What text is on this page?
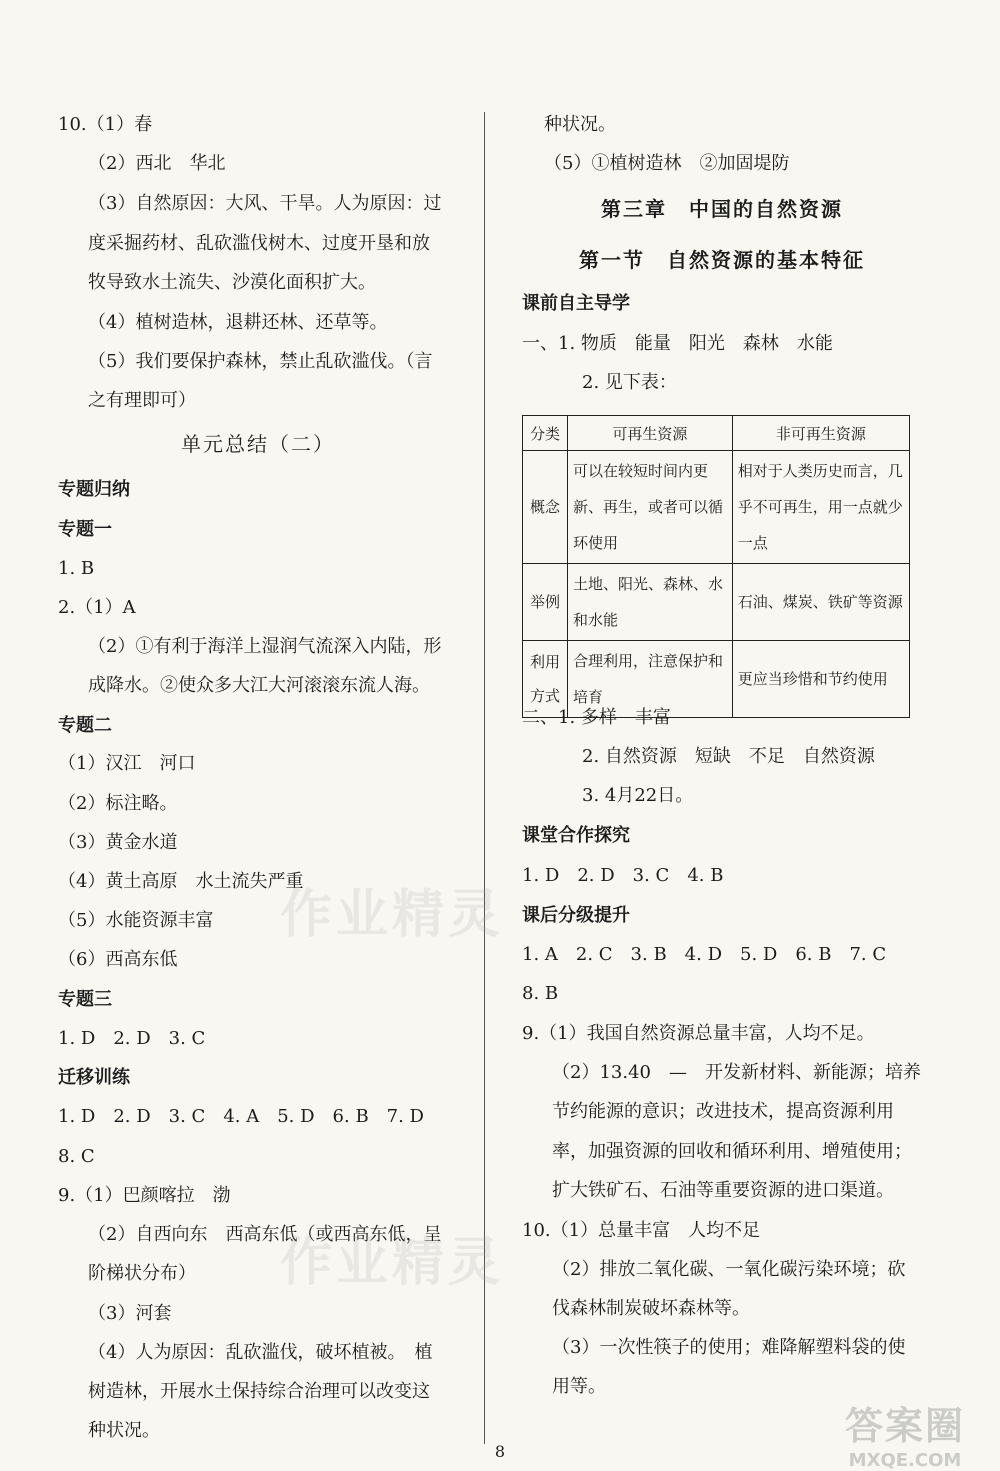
单元总结（二）
10.（1）春
（2）西北　华北
（3）自然原因：大风、干旱。人为原因：过
度采掘药材、乱砍滥伐树木、过度开垦和放
牧导致水土流失、沙漠化面积扩大。
（4）植树造林，退耕还林、还草等。
（5）我们要保护森林，禁止乱砍滥伐。（言
之有理即可）
专题归纳
专题一
1. B
2.（1）A
（2）①有利于海洋上湿润气流深入内陆，形
成降水。②使众多大江大河滚滚东流人海。
专题二
（1）汉江　河口
（2）标注略。
（3）黄金水道
（4）黄土高原　水土流失严重
（5）水能资源丰富
（6）西高东低
专题三
1. D　2. D　3. C
迁移训练
1. D　2. D　3. C　4. A　5. D　6. B　7. D
8. C
9.（1）巴颜喀拉　渤
（2）自西向东　西高东低（或西高东低，呈
阶梯状分布）
（3）河套
（4）人为原因：乱砍滥伐，破坏植被。　植
树造林，开展水土保持综合治理可以改变这
种状况。
第三章　中国的自然资源
第一节　自然资源的基本特征
分类	可再生资源	非可再生资源
概念	可以在较短时间内更新、再生，或者可以循环使用	相对于人类历史而言，几乎不可再生，用一点就少一点
举例	土地、阳光、森林、水和水能	石油、煤炭、铁矿等资源
利用方式	合理利用，注意保护和培育	更应当珍惜和节约使用
种状况。
（5）①植树造林　②加固堤防
课前自主导学
一、1. 物质　能量　阳光　森林　水能
2. 见下表：
二、1. 多样　丰富
2. 自然资源　短缺　不足　自然资源
3. 4月22日。
课堂合作探究
1. D　2. D　3. C　4. B
课后分级提升
1. A　2. C　3. B　4. D　5. D　6. B　7. C
8. B
9.（1）我国自然资源总量丰富，人均不足。
（2）13.40　—　开发新材料、新能源；培养
节约能源的意识；改进技术，提高资源利用
率，加强资源的回收和循环利用、增殖使用；
扩大铁矿石、石油等重要资源的进口渠道。
10.（1）总量丰富　人均不足
（2）排放二氧化碳、一氧化碳污染环境；砍
伐森林制炭破坏森林等。
（3）一次性筷子的使用；难降解塑料袋的使
用等。
作业精灵
作业精灵
8
答案圈
MXQE.COM
